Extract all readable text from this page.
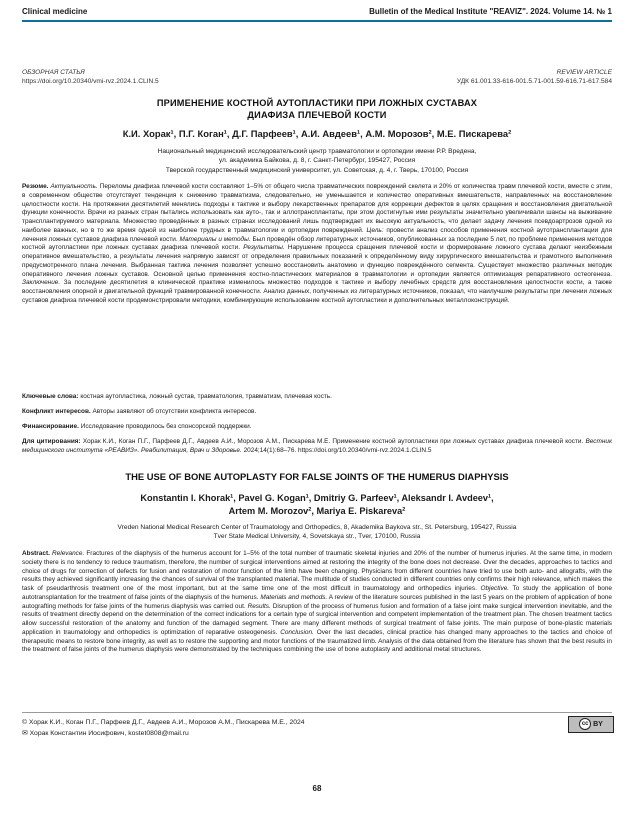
Clinical medicine	Bulletin of the Medical Institute "REAVIZ". 2024. Volume 14. № 1
ОБЗОРНАЯ СТАТЬЯ	REVIEW ARTICLE
https://doi.org/10.20340/vmi-rvz.2024.1.CLIN.5	УДК 61.001.33-616-001.5.71-001.59-616.71-617.584
ПРИМЕНЕНИЕ КОСТНОЙ АУТОПЛАСТИКИ ПРИ ЛОЖНЫХ СУСТАВАХ
ДИАФИЗА ПЛЕЧЕВОЙ КОСТИ
К.И. Хорак¹, П.Г. Коган¹, Д.Г. Парфеев¹, А.И. Авдеев¹, А.М. Морозов², М.Е. Пискарева²
Национальный медицинский исследовательский центр травматологии и ортопедии имени Р.Р. Вредена,
ул. академика Байкова, д. 8, г. Санкт-Петербург, 195427, Россия
Тверской государственный медицинский университет, ул. Советская, д. 4, г. Тверь, 170100, Россия
Резюме. Актуальность. Переломы диафиза плечевой кости составляют 1–5% от общего числа травматических повреждений скелета и 20% от количества травм плечевой кости, вместе с этим, в современном обществе отсутствует тенденция к снижению травматизма, следовательно, не уменьшается и количество оперативных вмешательств, направленных на восстановление целостности кости. На протяжении десятилетий менялись подходы к тактике и выбору лекарственных препаратов для коррекции дефектов в целях сращения и восстановления двигательной функции конечности. Врачи из разных стран пытались использовать как ауто-, так и аллотрансплантаты, при этом достигнутые ими результаты значительно увеличивали шансы на выживание трансплантируемого материала. Множество проведённых в разных странах исследований лишь подтверждает их высокую актуальность, что делает задачу лечения псевдоартрозов одной из наиболее важных, но в то же время одной из наиболее трудных в травматологии и ортопедии повреждений. Цель: провести анализ способов применения костной аутотрансплантации для лечения ложных суставов диафиза плечевой кости. Материалы и методы. Был проведён обзор литературных источников, опубликованных за последние 5 лет, по проблеме применения методов костной аутопластики при ложных суставах диафиза плечевой кости. Результаты. Нарушение процесса сращения плечевой кости и формирование ложного сустава делают неизбежным оперативное вмешательство, а результаты лечения напрямую зависят от определения правильных показаний к определённому виду хирургического вмешательства и грамотного выполнения предусмотренного плана лечения. Выбранная тактика лечения позволяет успешно восстановить анатомию и функцию повреждённого сегмента. Существует множество различных методик оперативного лечения ложных суставов. Основной целью применения костно-пластических материалов в травматологии и ортопедии является оптимизация репаративного остеогенеза. Заключение. За последние десятилетия в клинической практике изменилось множество подходов к тактике и выбору лечебных средств для восстановления целостности кости, а также восстановления опорной и двигательной функций травмированной конечности. Анализ данных, полученных из литературных источников, показал, что наилучшие результаты при лечении ложных суставов диафиза плечевой кости продемонстрировали методики, комбинирующие использование костной аутопластики и дополнительных металлоконструкций.
Ключевые слова: костная аутопластика, ложный сустав, травматология, травматизм, плечевая кость.
Конфликт интересов. Авторы заявляют об отсутствии конфликта интересов.
Финансирование. Исследование проводилось без спонсорской поддержки.
Для цитирования: Хорак К.И., Коган П.Г., Парфеев Д.Г., Авдеев А.И., Морозов А.М., Пискарева М.Е. Применение костной аутопластики при ложных суставах диафиза плечевой кости. Вестник медицинского института «РЕАВИЗ». Реабилитация, Врач и Здоровье. 2024;14(1):68–76. https://doi.org/10.20340/vmi-rvz.2024.1.CLIN.5
THE USE OF BONE AUTOPLASTY FOR FALSE JOINTS OF THE HUMERUS DIAPHYSIS
Konstantin I. Khorak¹, Pavel G. Kogan¹, Dmitriy G. Parfeev¹, Aleksandr I. Avdeev¹,
Artem M. Morozov², Mariya E. Piskareva²
Vreden National Medical Research Center of Traumatology and Orthopedics, 8, Akademika Baykova str., St. Petersburg, 195427, Russia
Tver State Medical University, 4, Sovetskaya str., Tver, 170100, Russia
Abstract. Relevance. Fractures of the diaphysis of the humerus account for 1–5% of the total number of traumatic skeletal injuries and 20% of the number of humerus injuries. At the same time, in modern society there is no tendency to reduce traumatism, therefore, the number of surgical interventions aimed at restoring the integrity of the bone does not decrease. Over the decades, approaches to tactics and choice of drugs for correction of defects for fusion and restoration of motor function of the limb have been changing. Physicians from different countries have tried to use both auto- and allografts, with the results they achieved significantly increasing the chances of survival of the transplanted material. The multitude of studies conducted in different countries only confirms their high relevance, which makes the task of pseudarthrosis treatment one of the most important, but at the same time one of the most difficult in traumatology and orthopedics injuries. Objective. To study the application of bone autotransplantation for the treatment of false joints of the diaphysis of the humerus. Materials and methods. A review of the literature sources published in the last 5 years on the problem of application of bone autografting methods for false joints of the humerus diaphysis was carried out. Results. Disruption of the process of humerus fusion and formation of a false joint make surgical intervention inevitable, and the results of treatment directly depend on the determination of the correct indications for a certain type of surgical intervention and competent implementation of the treatment plan. The chosen treatment tactics allow successful restoration of the anatomy and function of the damaged segment. There are many different methods of surgical treatment of false joints. The main purpose of bone-plastic materials application in traumatology and orthopedics is optimization of reparative osteogenesis. Conclusion. Over the last decades, clinical practice has changed many approaches to the tactics and choice of therapeutic means to restore bone integrity, as well as to restore the supporting and motor functions of the traumatized limb. Analysis of the data obtained from the literature has shown that the best results in the treatment of false joints of the humerus diaphysis were demonstrated by the techniques combining the use of bone autoplasty and additional metal structures.
© Хорак К.И., Коган П.Г., Парфеев Д.Г., Авдеев А.И., Морозов А.М., Пискарева М.Е., 2024
✉ Хорак Константин Иосифович, kostet0808@mail.ru
cc BY
68
